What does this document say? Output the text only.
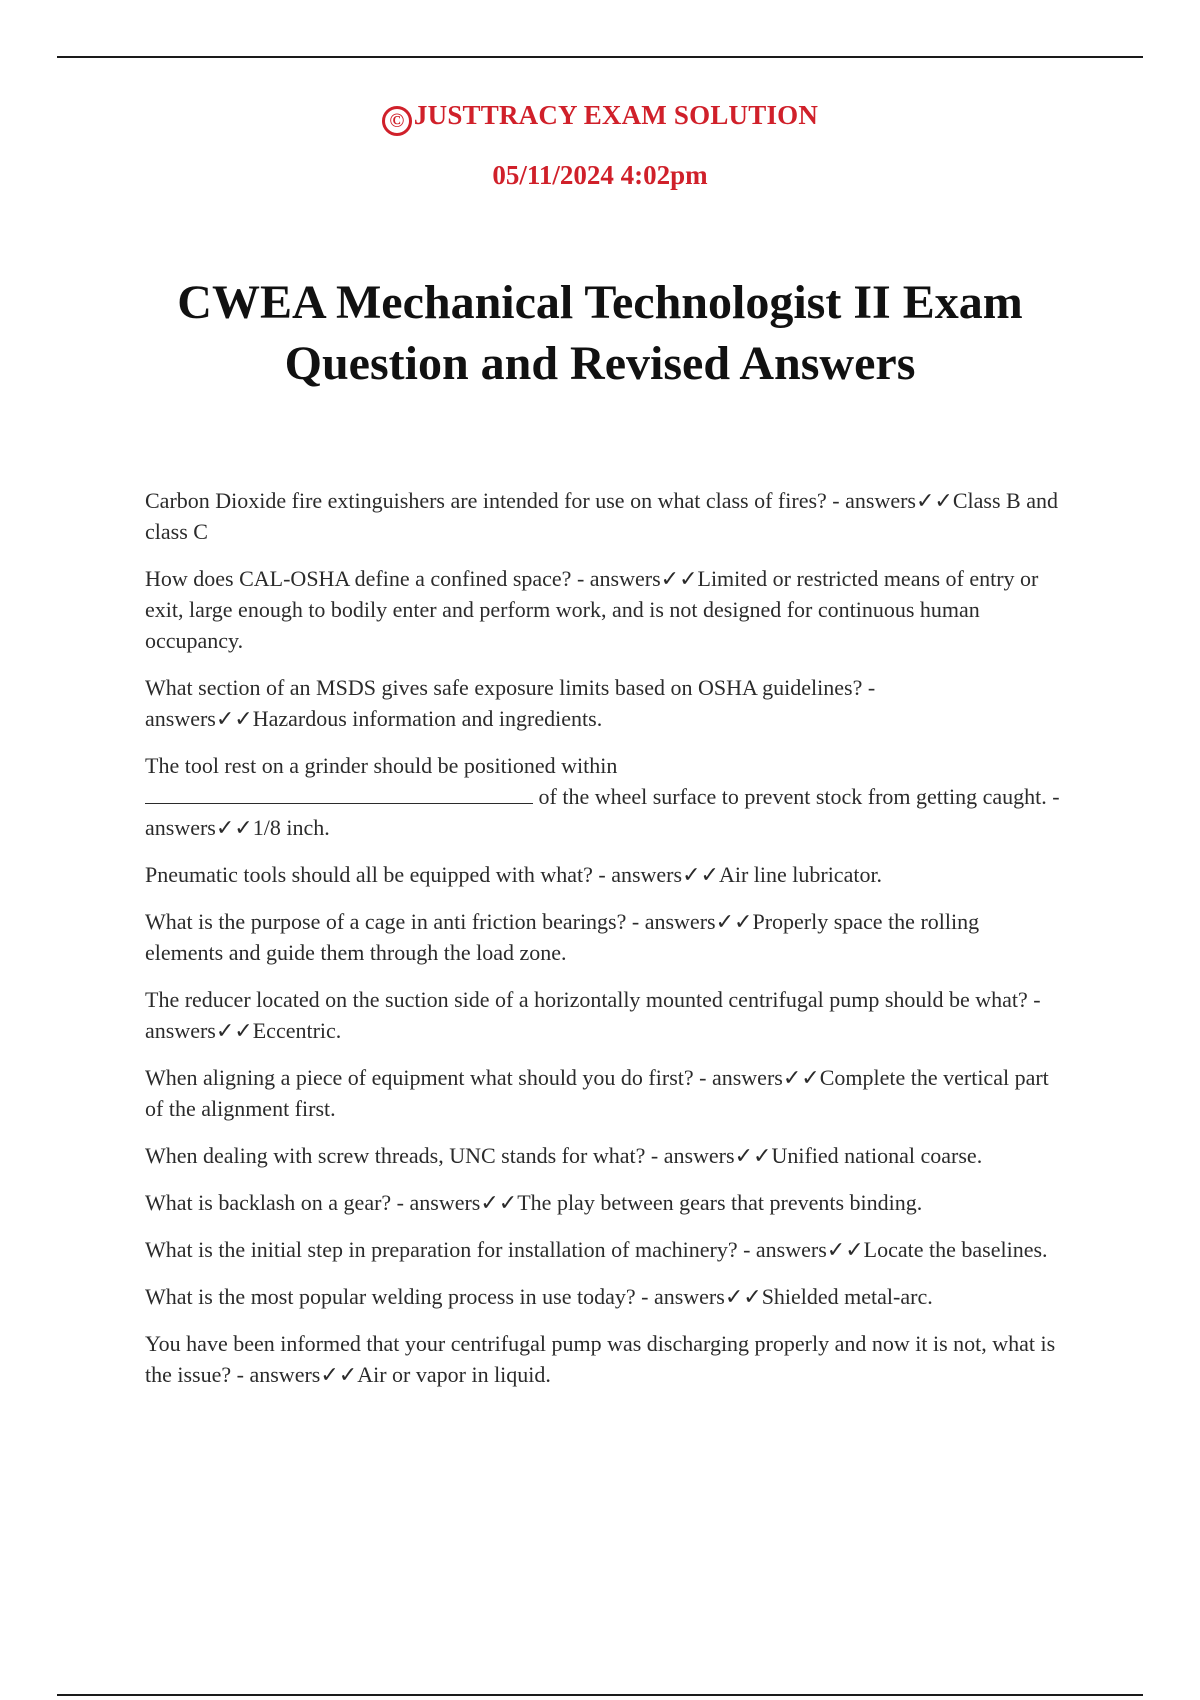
© JUSTTRACY EXAM SOLUTION
05/11/2024 4:02pm
CWEA Mechanical Technologist II Exam Question and Revised Answers

Carbon Dioxide fire extinguishers are intended for use on what class of fires? - answers✓✓Class B and class C

How does CAL-OSHA define a confined space? - answers✓✓Limited or restricted means of entry or exit, large enough to bodily enter and perform work, and is not designed for continuous human occupancy.

What section of an MSDS gives safe exposure limits based on OSHA guidelines? - answers✓✓Hazardous information and ingredients.

The tool rest on a grinder should be positioned within
of the wheel surface to prevent stock from getting caught. - answers✓✓1/8 inch.

Pneumatic tools should all be equipped with what? - answers✓✓Air line lubricator.

What is the purpose of a cage in anti friction bearings? - answers✓✓Properly space the rolling elements and guide them through the load zone.

The reducer located on the suction side of a horizontally mounted centrifugal pump should be what? - answers✓✓Eccentric.

When aligning a piece of equipment what should you do first? - answers✓✓Complete the vertical part of the alignment first.

When dealing with screw threads, UNC stands for what? - answers✓✓Unified national coarse.

What is backlash on a gear? - answers✓✓The play between gears that prevents binding.

What is the initial step in preparation for installation of machinery? - answers✓✓Locate the baselines.

What is the most popular welding process in use today? - answers✓✓Shielded metal-arc.

You have been informed that your centrifugal pump was discharging properly and now it is not, what is the issue? - answers✓✓Air or vapor in liquid.
